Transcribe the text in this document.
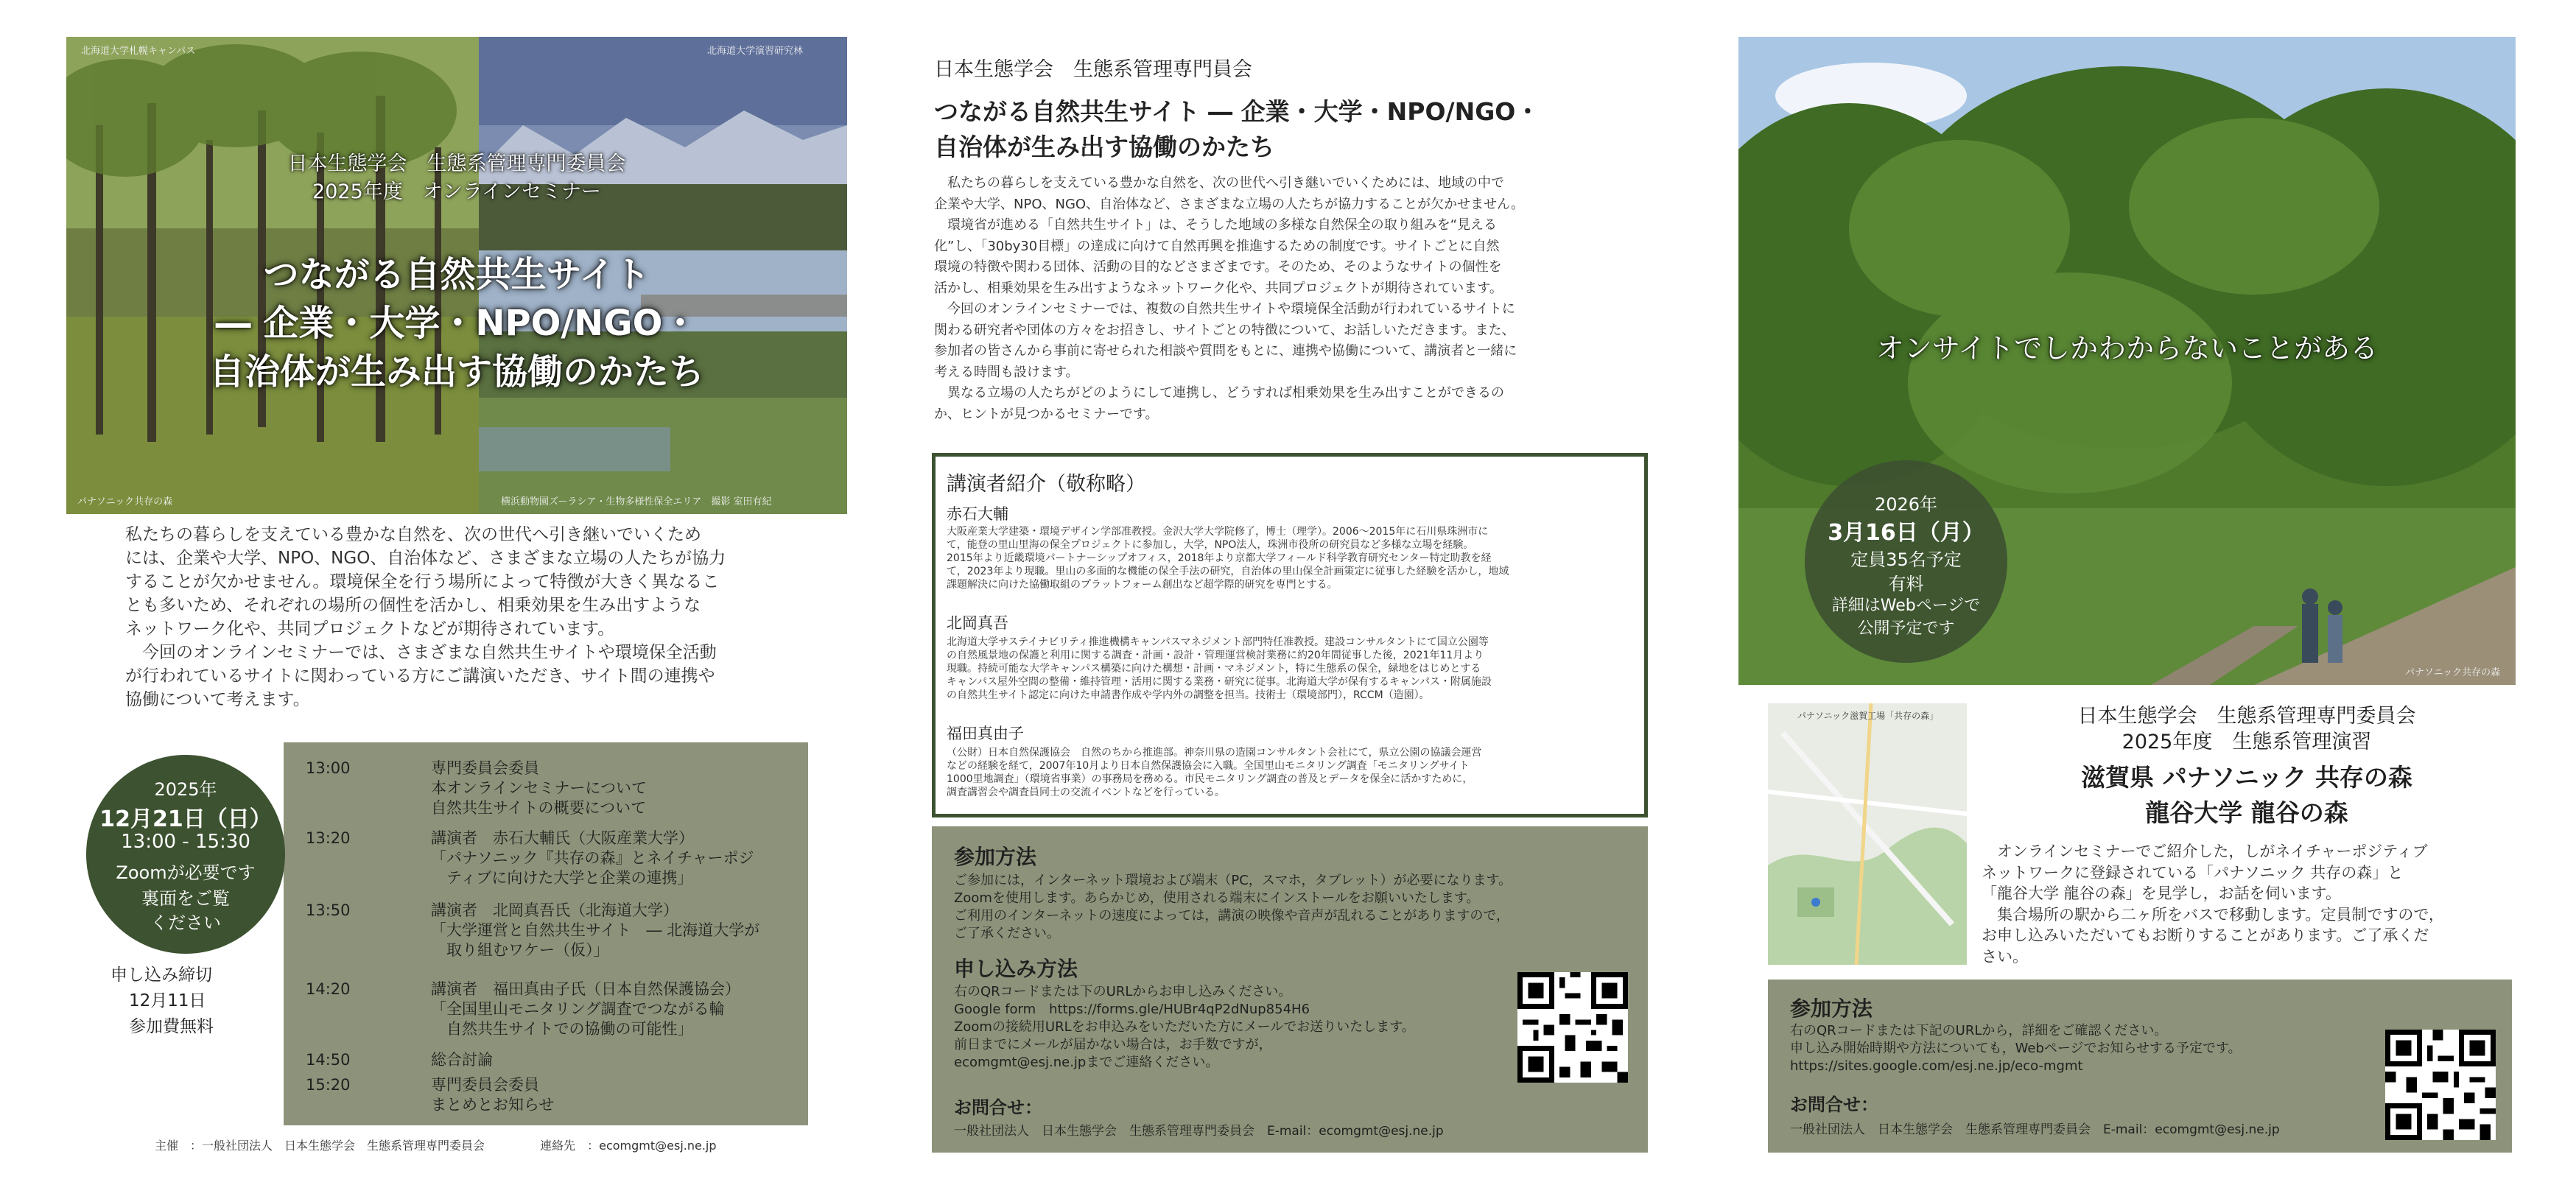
北海道大学札幌キャンパス	北海道大学演習研究林
パナソニック共存の森	横浜動物園ズーラシア・生物多様性保全エリア　撮影 室田有紀
日本生態学会　生態系管理専門委員会
2025年度　オンラインセミナー
つながる自然共生サイト
― 企業・大学・NPO/NGO・
自治体が生み出す協働のかたち
私たちの暮らしを支えている豊かな自然を、次の世代へ引き継いでいくため
には、企業や大学、NPO、NGO、自治体など、さまざまな立場の人たちが協力
することが欠かせません。環境保全を行う場所によって特徴が大きく異なるこ
とも多いため、それぞれの場所の個性を活かし、相乗効果を生み出すような
ネットワーク化や、共同プロジェクトなどが期待されています。
今回のオンラインセミナーでは、さまざまな自然共生サイトや環境保全活動
が行われているサイトに関わっている方にご講演いただき、サイト間の連携や
協働について考えます。
13:00	専門委員会委員
本オンラインセミナーについて
自然共生サイトの概要について
13:20	講演者　赤石大輔氏（大阪産業大学）
「パナソニック『共存の森』とネイチャーポジ
　ティブに向けた大学と企業の連携」
13:50	講演者　北岡真吾氏（北海道大学）
「大学運営と自然共生サイト　― 北海道大学が
　取り組むワケー（仮）」
14:20	講演者　福田真由子氏（日本自然保護協会）
「全国里山モニタリング調査でつながる輪
　自然共生サイトでの協働の可能性」
14:50	総合討論
15:20	専門委員会委員
まとめとお知らせ
2025年
12月21日（日）
13:00 - 15:30
Zoomが必要です
裏面をご覧
ください
申し込み締切
12月11日
参加費無料
主催　：一般社団法人　日本生態学会　生態系管理専門委員会	連絡先　：ecomgmt@esj.ne.jp
日本生態学会　生態系管理専門員会
つながる自然共生サイト ― 企業・大学・NPO/NGO・
自治体が生み出す協働のかたち
　私たちの暮らしを支えている豊かな自然を、次の世代へ引き継いでいくためには、地域の中で
企業や大学、NPO、NGO、自治体など、さまざまな立場の人たちが協力することが欠かせません。
　環境省が進める「自然共生サイト」は、そうした地域の多様な自然保全の取り組みを“見える
化”し、「30by30目標」の達成に向けて自然再興を推進するための制度です。サイトごとに自然
環境の特徴や関わる団体、活動の目的などさまざまです。そのため、そのようなサイトの個性を
活かし、相乗効果を生み出すようなネットワーク化や、共同プロジェクトが期待されています。
　今回のオンラインセミナーでは、複数の自然共生サイトや環境保全活動が行われているサイトに
関わる研究者や団体の方々をお招きし、サイトごとの特徴について、お話しいただきます。また、
参加者の皆さんから事前に寄せられた相談や質問をもとに、連携や協働について、講演者と一緒に
考える時間も設けます。
　異なる立場の人たちがどのようにして連携し、どうすれば相乗効果を生み出すことができるの
か、ヒントが見つかるセミナーです。
講演者紹介（敬称略）
赤石大輔
大阪産業大学建築・環境デザイン学部准教授。金沢大学大学院修了，博士（理学）。2006～2015年に石川県珠洲市に
て，能登の里山里海の保全プロジェクトに参加し，大学，NPO法人，珠洲市役所の研究員など多様な立場を経験。
2015年より近畿環境パートナーシップオフィス，2018年より京都大学フィールド科学教育研究センター特定助教を経
て，2023年より現職。里山の多面的な機能の保全手法の研究，自治体の里山保全計画策定に従事した経験を活かし，地域
課題解決に向けた協働取組のプラットフォーム創出など超学際的研究を専門とする。
北岡真吾
北海道大学サステイナビリティ推進機構キャンパスマネジメント部門特任准教授。建設コンサルタントにて国立公園等
の自然風景地の保護と利用に関する調査・計画・設計・管理運営検討業務に約20年間従事した後，2021年11月より
現職。持続可能な大学キャンパス構築に向けた構想・計画・マネジメント，特に生態系の保全，緑地をはじめとする
キャンパス屋外空間の整備・維持管理・活用に関する業務・研究に従事。北海道大学が保有するキャンパス・附属施設
の自然共生サイト認定に向けた申請書作成や学内外の調整を担当。技術士（環境部門），RCCM（造園）。
福田真由子
（公財）日本自然保護協会　自然のちから推進部。神奈川県の造園コンサルタント会社にて，県立公園の協議会運営
などの経験を経て，2007年10月より日本自然保護協会に入職。全国里山モニタリング調査「モニタリングサイト
1000里地調査」（環境省事業）の事務局を務める。市民モニタリング調査の普及とデータを保全に活かすために，
調査講習会や調査員同士の交流イベントなどを行っている。
参加方法
ご参加には，インターネット環境および端末（PC，スマホ，タブレット）が必要になります。
Zoomを使用します。あらかじめ，使用される端末にインストールをお願いいたします。
ご利用のインターネットの速度によっては，講演の映像や音声が乱れることがありますので，
ご了承ください。
申し込み方法
右のQRコードまたは下のURLからお申し込みください。
Google form　https://forms.gle/HUBr4qP2dNup854H6
Zoomの接続用URLをお申込みをいただいた方にメールでお送りいたします。
前日までにメールが届かない場合は，お手数ですが，
ecomgmt@esj.ne.jpまでご連絡ください。
お問合せ：
一般社団法人　日本生態学会　生態系管理専門委員会　E-mail：ecomgmt@esj.ne.jp
オンサイトでしかわからないことがある
パナソニック共存の森
2026年
3月16日（月）
定員35名予定
有料
詳細はWebページで
公開予定です
パナソニック滋賀工場「共存の森」	日本生態学会　生態系管理専門委員会
2025年度　生態系管理演習
滋賀県 パナソニック 共存の森
龍谷大学 龍谷の森
　オンラインセミナーでご紹介した，しがネイチャーポジティブ
ネットワークに登録されている「パナソニック 共存の森」と
「龍谷大学 龍谷の森」を見学し，お話を伺います。
　集合場所の駅から二ヶ所をバスで移動します。定員制ですので，
お申し込みいただいてもお断りすることがあります。ご了承くだ
さい。
参加方法
右のQRコードまたは下記のURLから，詳細をご確認ください。
申し込み開始時期や方法についても，Webページでお知らせする予定です。
https://sites.google.com/esj.ne.jp/eco-mgmt
お問合せ：
一般社団法人　日本生態学会　生態系管理専門委員会　E-mail：ecomgmt@esj.ne.jp
